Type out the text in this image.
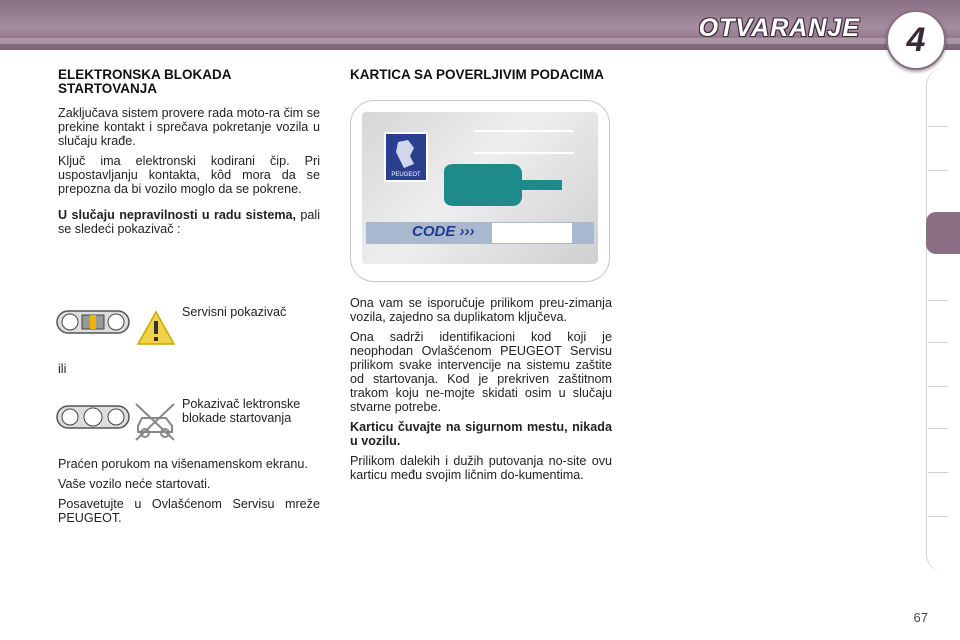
OTVARANJE 4
ELEKTRONSKA BLOKADA STARTOVANJA

Zaključava sistem provere rada moto-ra čim se prekine kontakt i sprečava pokretanje vozila u slučaju krađe.

Ključ ima elektronski kodirani čip. Pri uspostavljanju kontakta, kôd mora da se prepozna da bi vozilo moglo da se pokrene.

U slučaju nepravilnosti u radu sistema, pali se sledeći pokazivač :

Servisni pokazivač
ili
Pokazivač lektronske blokade startovanja

Praćen porukom na višenamenskom ekranu.

Vaše vozilo neće startovati.

Posavetujte u Ovlašćenom Servisu mreže PEUGEOT.

KARTICA SA POVERLJIVIM PODACIMA
PEUGEOT
CODE ›››

Ona vam se isporučuje prilikom preu-zimanja vozila, zajedno sa duplikatom ključeva.

Ona sadrži identifikacioni kod koji je neophodan Ovlašćenom PEUGEOT Servisu prilikom svake intervencije na sistemu zaštite od startovanja. Kod je prekriven zaštitnom trakom koju ne-mojte skidati osim u slučaju stvarne potrebe.

Karticu čuvajte na sigurnom mestu, nikada u vozilu.

Prilikom dalekih i dužih putovanja no-site ovu karticu među svojim ličnim do-kumentima.

67
